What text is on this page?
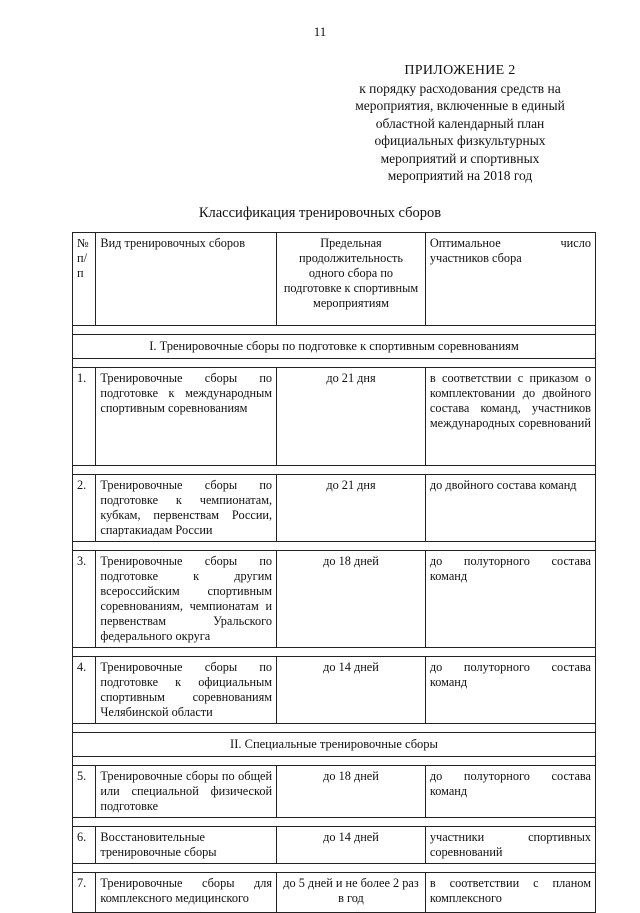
11
ПРИЛОЖЕНИЕ 2
к порядку расходования средств на
мероприятия, включенные в единый
областной календарный план
официальных физкультурных
мероприятий и спортивных
мероприятий на 2018 год
Классификация тренировочных сборов
№ п/п	Вид тренировочных сборов	Предельная продолжительность одного сбора по подготовке к спортивным мероприятиям	Оптимальное число участников сбора

I. Тренировочные сборы по подготовке к спортивным соревнованиям			

1.	Тренировочные сборы по подготовке к международным спортивным соревнованиям	до 21 дня	в соответствии с приказом о комплектовании до двойного состава команд, участников международных соревнований

2.	Тренировочные сборы по подготовке к чемпионатам, кубкам, первенствам России, спартакиадам России	до 21 дня	до двойного состава команд

3.	Тренировочные сборы по подготовке к другим всероссийским спортивным соревнованиям, чемпионатам и первенствам Уральского федерального округа	до 18 дней	до полуторного состава команд

4.	Тренировочные сборы по подготовке к официальным спортивным соревнованиям Челябинской области	до 14 дней	до полуторного состава команд

II. Специальные тренировочные сборы			

5.	Тренировочные сборы по общей или специальной физической подготовке	до 18 дней	до полуторного состава команд

6.	Восстановительные тренировочные сборы	до 14 дней	участники спортивных соревнований

7.	Тренировочные сборы для комплексного медицинского	до 5 дней и не более 2 раз в год	в соответствии с планом комплексного
